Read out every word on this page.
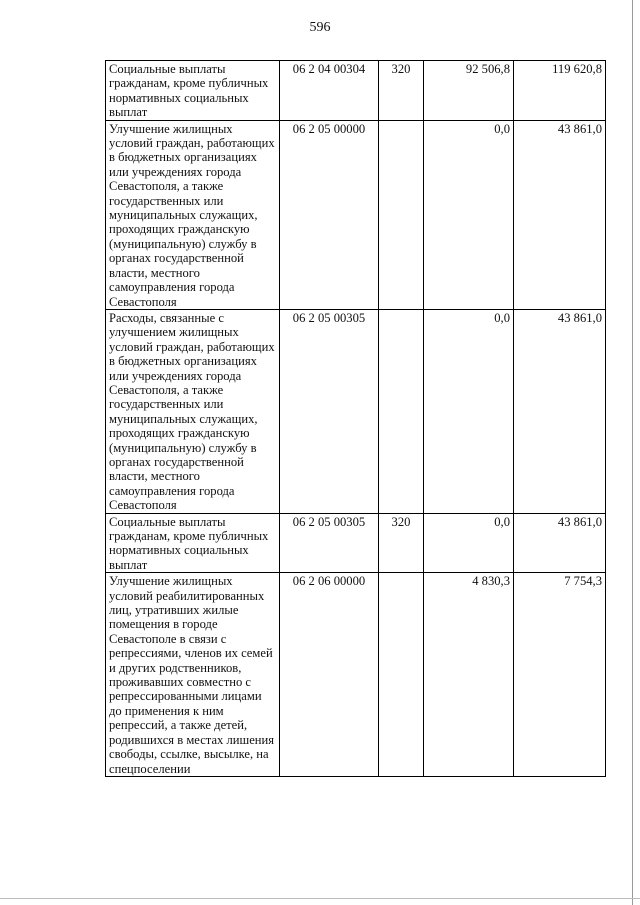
596
Социальные выплаты гражданам, кроме публичных нормативных социальных выплат	06 2 04 00304	320	92 506,8	119 620,8
Улучшение жилищных условий граждан, работающих в бюджетных организациях или учреждениях города Севастополя, а также государственных или муниципальных служащих, проходящих гражданскую (муниципальную) службу в органах государственной власти, местного самоуправления города Севастополя	06 2 05 00000		0,0	43 861,0
Расходы, связанные с улучшением жилищных условий граждан, работающих в бюджетных организациях или учреждениях города Севастополя, а также государственных или муниципальных служащих, проходящих гражданскую (муниципальную) службу в органах государственной власти, местного самоуправления города Севастополя	06 2 05 00305		0,0	43 861,0
Социальные выплаты гражданам, кроме публичных нормативных социальных выплат	06 2 05 00305	320	0,0	43 861,0
Улучшение жилищных условий реабилитированных лиц, утративших жилые помещения в городе Севастополе в связи с репрессиями, членов их семей и других родственников, проживавших совместно с репрессированными лицами до применения к ним репрессий, а также детей, родившихся в местах лишения свободы, ссылке, высылке, на спецпоселении	06 2 06 00000		4 830,3	7 754,3
